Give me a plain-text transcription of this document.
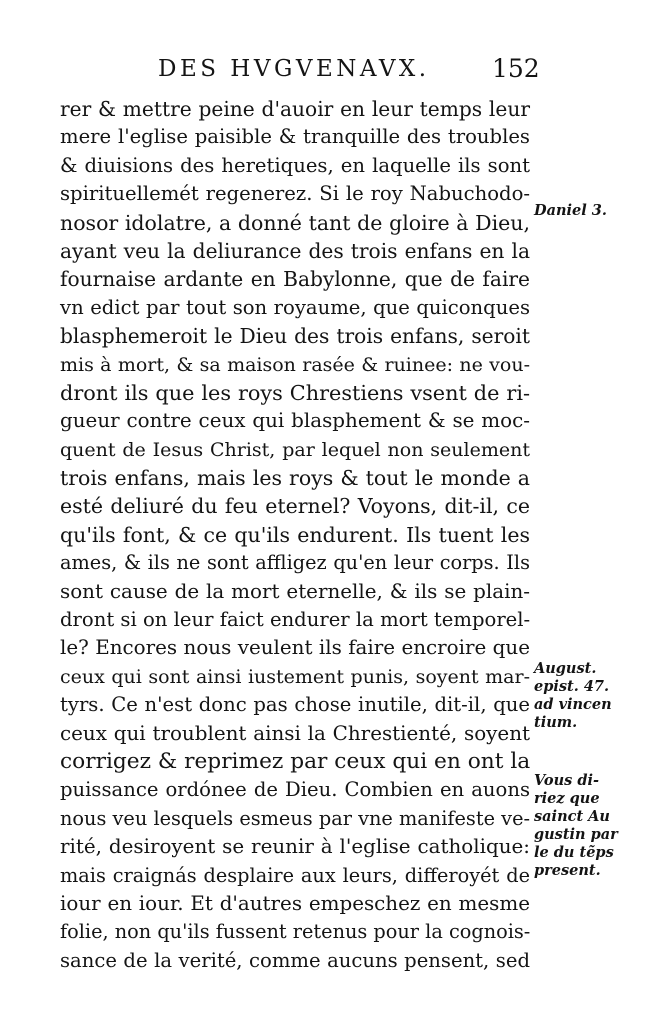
DES HVGVENAVX. 152
rer & mettre peine d'auoir en leur temps leur
mere l'eglise paisible & tranquille des troubles
& diuisions des heretiques, en laquelle ils sont
spirituellemét regenerez. Si le roy Nabuchodo-
nosor idolatre, a donné tant de gloire à Dieu,
ayant veu la deliurance des trois enfans en la
fournaise ardante en Babylonne, que de faire
vn edict par tout son royaume, que quiconques
blasphemeroit le Dieu des trois enfans, seroit
mis à mort, & sa maison rasée & ruinee: ne vou-
dront ils que les roys Chrestiens vsent de ri-
gueur contre ceux qui blasphement & se moc-
quent de Iesus Christ, par lequel non seulement
trois enfans, mais les roys & tout le monde a
esté deliuré du feu eternel? Voyons, dit-il, ce
qu'ils font, & ce qu'ils endurent. Ils tuent les
ames, & ils ne sont affligez qu'en leur corps. Ils
sont cause de la mort eternelle, & ils se plain-
dront si on leur faict endurer la mort temporel-
le? Encores nous veulent ils faire encroire que
ceux qui sont ainsi iustement punis, soyent mar-
tyrs. Ce n'est donc pas chose inutile, dit-il, que
ceux qui troublent ainsi la Chrestienté, soyent
corrigez & reprimez par ceux qui en ont la
puissance ordónee de Dieu. Combien en auons
nous veu lesquels esmeus par vne manifeste ve-
rité, desiroyent se reunir à l'eglise catholique:
mais craignás desplaire aux leurs, differoyét de
iour en iour. Et d'autres empeschez en mesme
folie, non qu'ils fussent retenus pour la cognois-
sance de la verité, comme aucuns pensent, sed
Daniel 3.
August.
epist. 47.
ad vincen
tium.
Vous di-
riez que
sainct Au
gustin par
le du tẽps
present.
